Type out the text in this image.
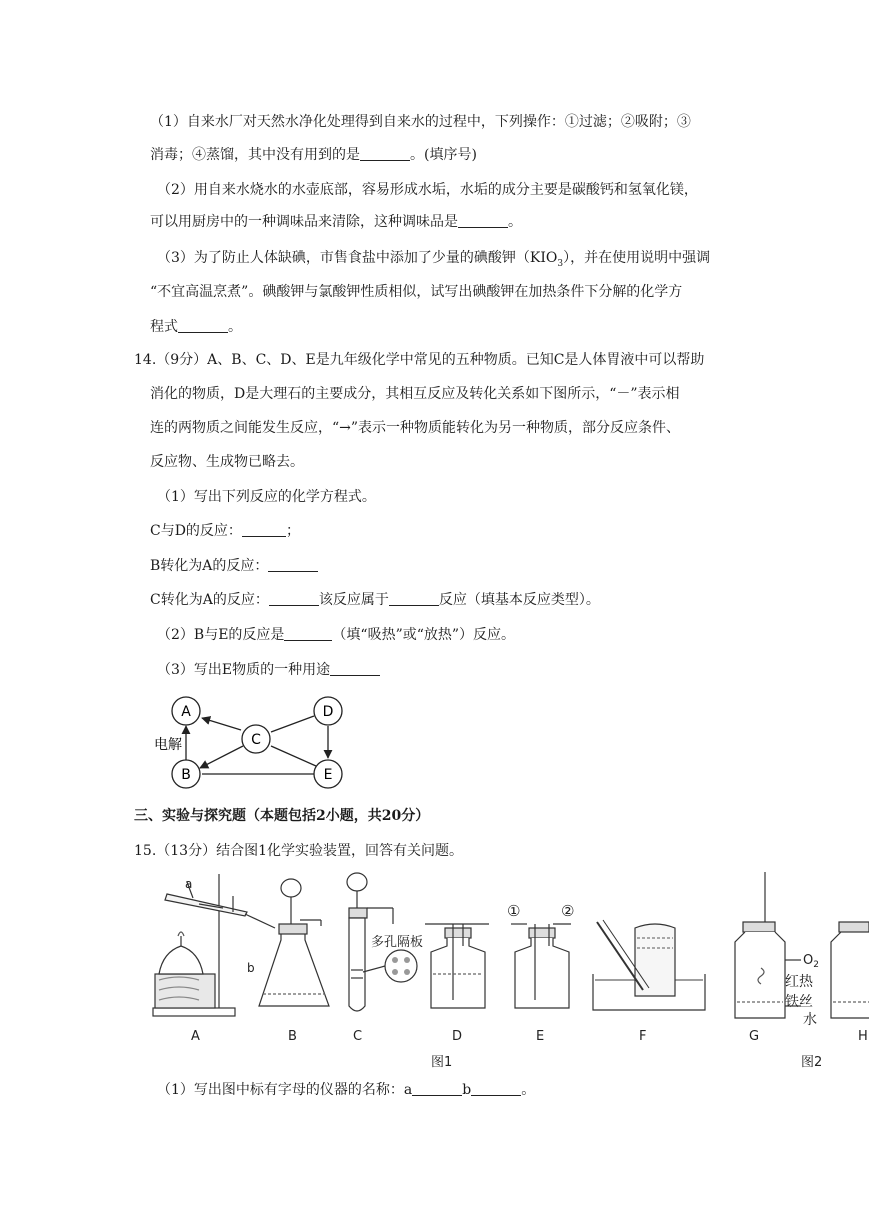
（1）自来水厂对天然水净化处理得到自来水的过程中，下列操作：①过滤；②吸附；③
消毒；④蒸馏，其中没有用到的是	。(填序号)
（2）用自来水烧水的水壶底部，容易形成水垢，水垢的成分主要是碳酸钙和氢氧化镁，
可以用厨房中的一种调味品来清除，这种调味品是	。
（3）为了防止人体缺碘，市售食盐中添加了少量的碘酸钾$(KIO_3)$，并在使用说明中强调
“不宜高温烹煮”。碘酸钾与氯酸钾性质相似，试写出碘酸钾在加热条件下分解的化学方
程式	。
14.（9分）A、B、C、D、E是九年级化学中常见的五种物质。已知C是人体胃液中可以帮助
消化的物质，D是大理石的主要成分，其相互反应及转化关系如下图所示，“－”表示相
连的两物质之间能发生反应，“→”表示一种物质能转化为另一种物质，部分反应条件、
反应物、生成物已略去。
（1）写出下列反应的化学方程式。
C与D的反应：	；
B转化为A的反应：
C转化为A的反应：	该反应属于	反应（填基本反应类型）。
（2）B与E的反应是	（填“吸热”或“放热”）反应。
（3）写出E物质的一种用途
A
B
C
D
E
电解
三、实验与探究题（本题包括2小题，共20分）
15.（13分）结合图1化学实验装置，回答有关问题。
a
b
多孔隔板
①	②
$O_2$
红热
铁丝
水
A	B	C	D	E	F	G	H
图1	图2
（1）写出图中标有字母的仪器的名称：a	b	。
